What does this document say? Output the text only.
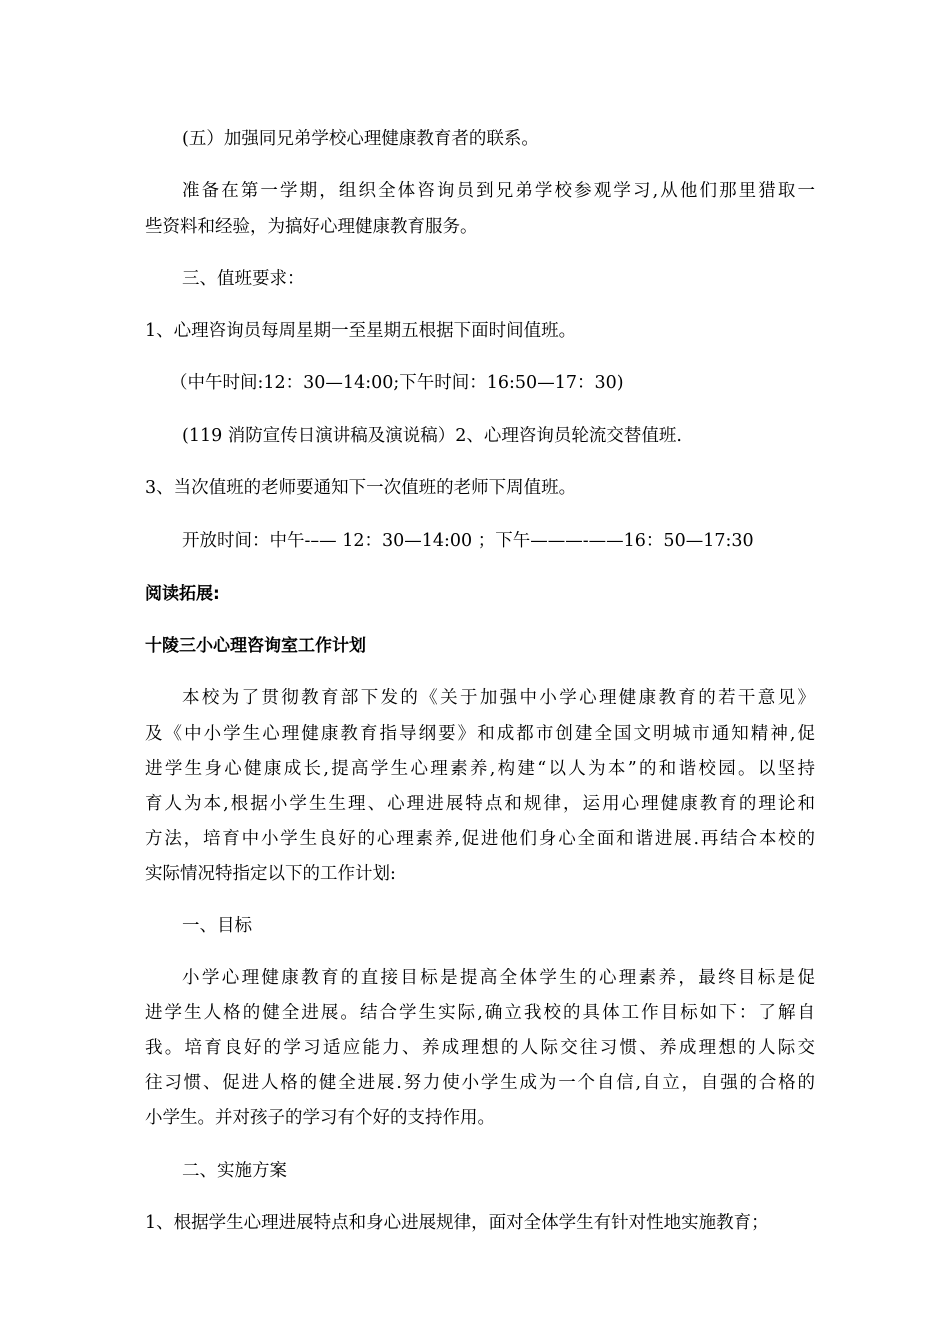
(五）加强同兄弟学校心理健康教育者的联系。
准备在第一学期，组织全体咨询员到兄弟学校参观学习,从他们那里猎取一
些资料和经验，为搞好心理健康教育服务。
三、值班要求：
1、心理咨询员每周星期一至星期五根据下面时间值班。
（中午时间:12：30—14:00;下午时间：16:50—17：30)
(119 消防宣传日演讲稿及演说稿）2、心理咨询员轮流交替值班.
3、当次值班的老师要通知下一次值班的老师下周值班。
开放时间：中午-–— 12：30—14:00 ；下午———-——16：50—17:30
阅读拓展:
十陵三小心理咨询室工作计划
本校为了贯彻教育部下发的《关于加强中小学心理健康教育的若干意见》
及《中小学生心理健康教育指导纲要》和成都市创建全国文明城市通知精神,促
进学生身心健康成长,提高学生心理素养,构建“以人为本”的和谐校园。以坚持
育人为本,根据小学生生理、心理进展特点和规律，运用心理健康教育的理论和
方法，培育中小学生良好的心理素养,促进他们身心全面和谐进展.再结合本校的
实际情况特指定以下的工作计划:
一、目标
小学心理健康教育的直接目标是提高全体学生的心理素养，最终目标是促
进学生人格的健全进展。结合学生实际,确立我校的具体工作目标如下：了解自
我。培育良好的学习适应能力、养成理想的人际交往习惯、养成理想的人际交
往习惯、促进人格的健全进展.努力使小学生成为一个自信,自立，自强的合格的
小学生。并对孩子的学习有个好的支持作用。
二、实施方案
1、根据学生心理进展特点和身心进展规律，面对全体学生有针对性地实施教育；
